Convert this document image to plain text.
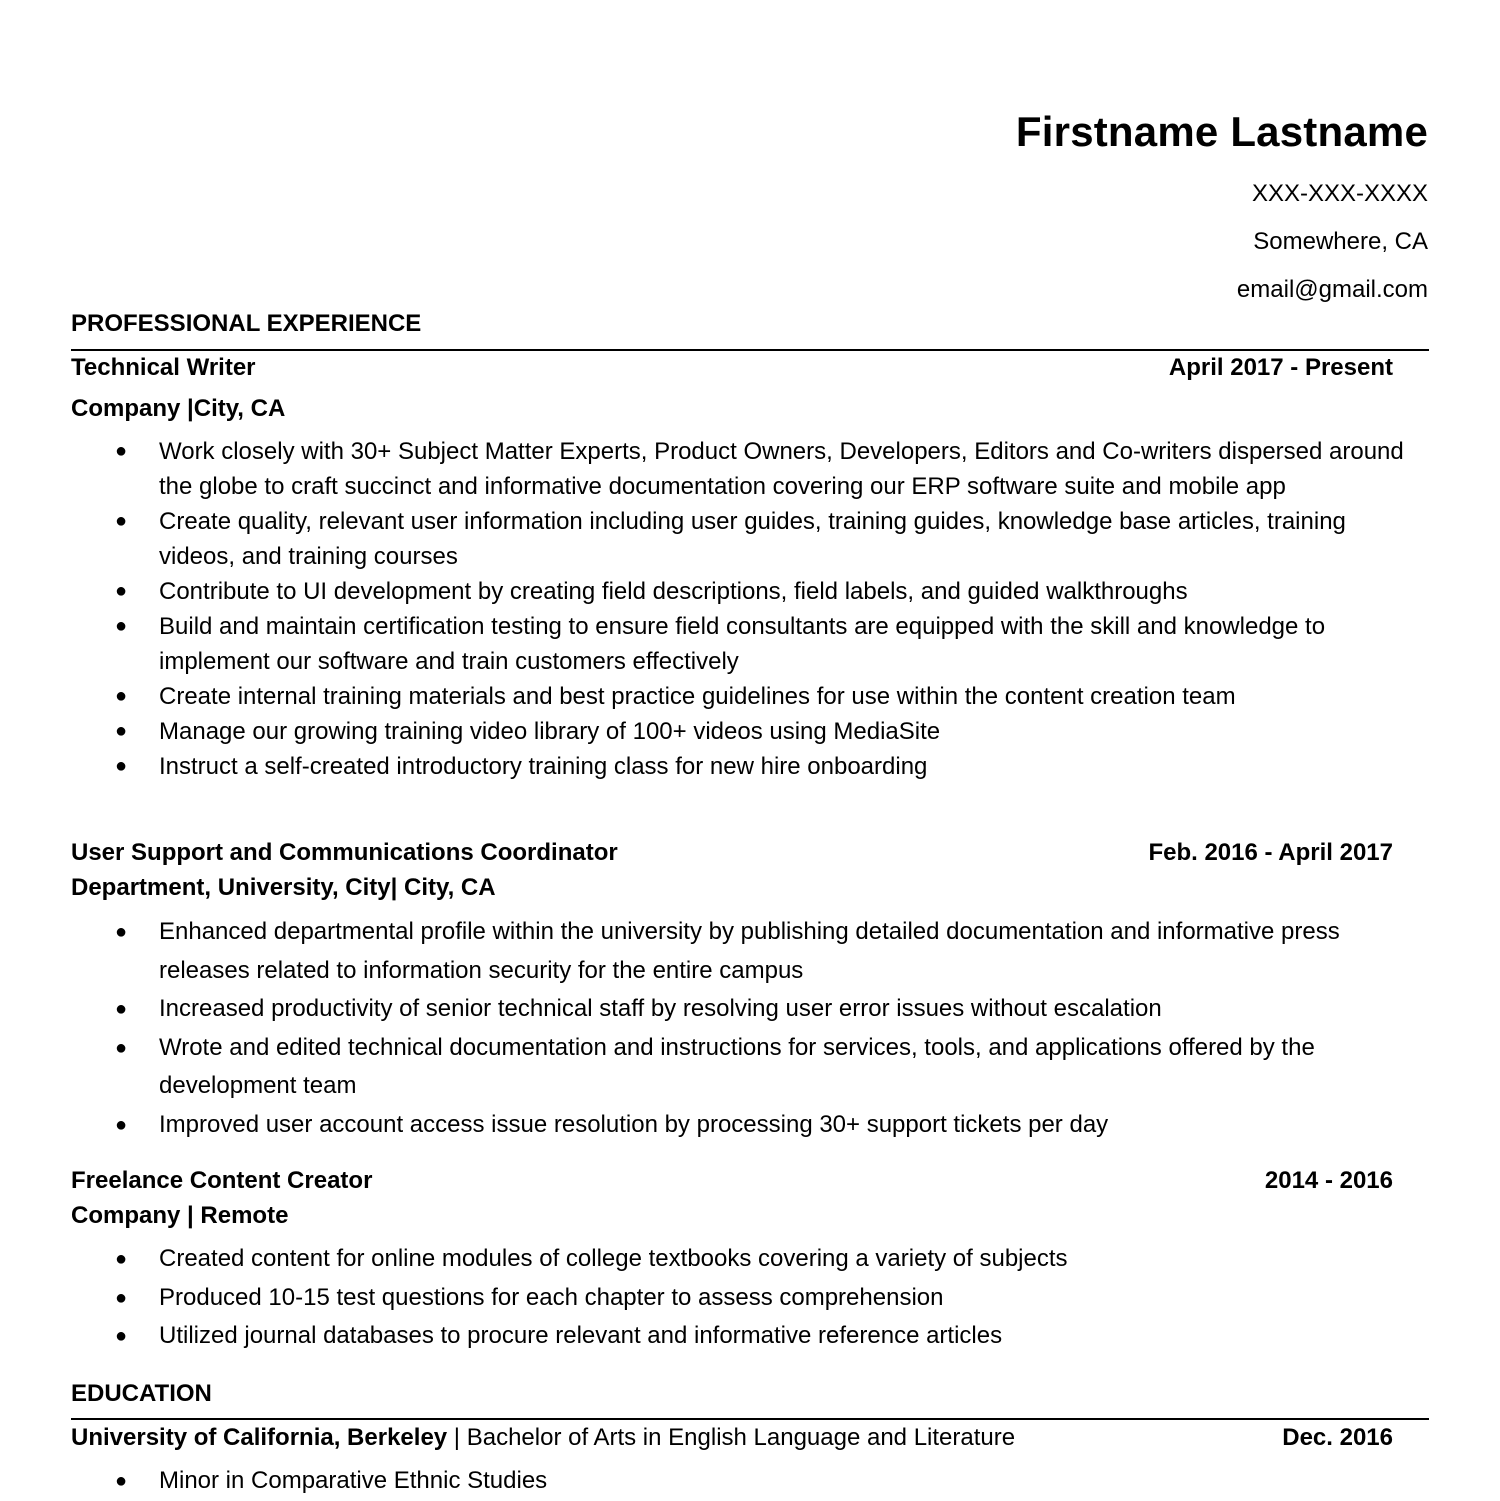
Firstname Lastname
XXX-XXX-XXXX
Somewhere, CA
email@gmail.com
PROFESSIONAL EXPERIENCE
Technical Writer	April 2017 - Present
Company |City, CA
● Work closely with 30+ Subject Matter Experts, Product Owners, Developers, Editors and Co-writers dispersed around the globe to craft succinct and informative documentation covering our ERP software suite and mobile app
● Create quality, relevant user information including user guides, training guides, knowledge base articles, training videos, and training courses
● Contribute to UI development by creating field descriptions, field labels, and guided walkthroughs
● Build and maintain certification testing to ensure field consultants are equipped with the skill and knowledge to implement our software and train customers effectively
● Create internal training materials and best practice guidelines for use within the content creation team
● Manage our growing training video library of 100+ videos using MediaSite
● Instruct a self-created introductory training class for new hire onboarding
User Support and Communications Coordinator	Feb. 2016 - April 2017
Department, University, City| City, CA
● Enhanced departmental profile within the university by publishing detailed documentation and informative press releases related to information security for the entire campus
● Increased productivity of senior technical staff by resolving user error issues without escalation
● Wrote and edited technical documentation and instructions for services, tools, and applications offered by the development team
● Improved user account access issue resolution by processing 30+ support tickets per day
Freelance Content Creator	2014 - 2016
Company | Remote
● Created content for online modules of college textbooks covering a variety of subjects
● Produced 10-15 test questions for each chapter to assess comprehension
● Utilized journal databases to procure relevant and informative reference articles
EDUCATION
University of California, Berkeley | Bachelor of Arts in English Language and Literature	Dec. 2016
● Minor in Comparative Ethnic Studies
